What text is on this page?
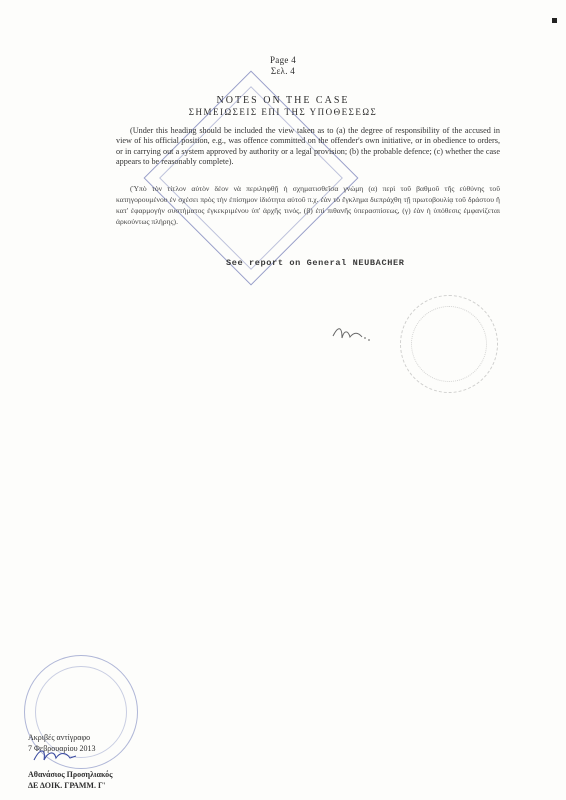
Page 4
Σελ. 4
NOTES ON THE CASE
ΣΗΜΕΙΩΣΕΙΣ ΕΠΙ ΤΗΣ ΥΠΟΘΕΣΕΩΣ
(Under this heading should be included the view taken as to (a) the degree of responsibility of the accused in view of his official position, e.g., was offence committed on the offender's own initiative, or in obedience to orders, or in carrying out a system approved by authority or a legal provision; (b) the probable defence; (c) whether the case appears to be reasonably complete).
(Ὑπὸ τὸν τίτλον αὐτὸν δέον νὰ περιληφθῇ ἡ σχηματισθεῖσα γνώμη (α) περὶ τοῦ βαθμοῦ τῆς εὐθύνης τοῦ κατηγορουμένου ἐν σχέσει πρὸς τὴν ἐπίσημον ἰδιότητα αὐτοῦ π.χ. ἐὰν τὸ ἔγκλημα διεπράχθη τῇ πρωτοβουλίᾳ τοῦ δράστου ἢ κατ' ἐφαρμογὴν συστήματος ἐγκεκριμένου ὑπ' ἀρχῆς τινός, (β) ἐπὶ πιθανῆς ὑπερασπίσεως, (γ) ἐὰν ἡ ὑπόθεσις ἐμφανίζεται ἀρκούντως πλήρης).
See report on General NEUBACHER
Ακριβές αντίγραφο
7 Φεβρουαρίου 2013
Αθανάσιος Προσηλιακός
ΔΕ ΔΟΙΚ. ΓΡΑΜΜ. Γ'
